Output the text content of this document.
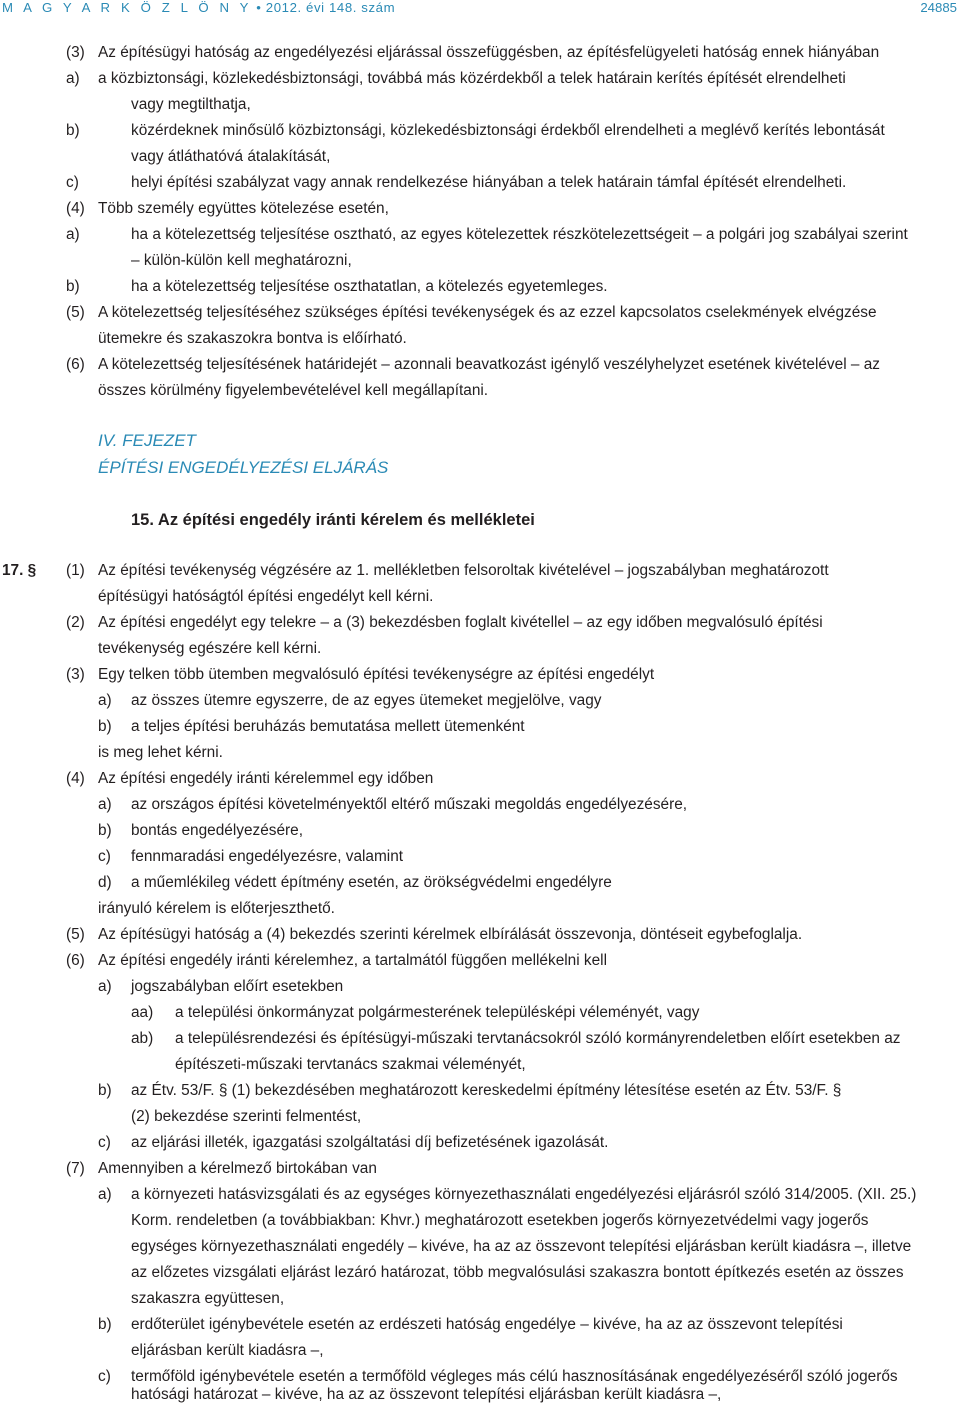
M A G Y A R K Ö Z L Ö N Y • 2012. évi 148. szám	24885
(3) Az építésügyi hatóság az engedélyezési eljárással összefüggésben, az építésfelügyeleti hatóság ennek hiányában
a) a közbiztonsági, közlekedésbiztonsági, továbbá más közérdekből a telek határain kerítés építését elrendelheti
vagy megtilthatja,
b)	közérdeknek minősülő közbiztonsági, közlekedésbiztonsági érdekből elrendelheti a meglévő kerítés lebontását
vagy átláthatóvá átalakítását,
c)	helyi építési szabályzat vagy annak rendelkezése hiányában a telek határain támfal építését elrendelheti.
(4) Több személy együttes kötelezése esetén,
a)	ha a kötelezettség teljesítése osztható, az egyes kötelezettek részkötelezettségeit – a polgári jog szabályai szerint
– külön-külön kell meghatározni,
b)	ha a kötelezettség teljesítése oszthatatlan, a kötelezés egyetemleges.
(5) A kötelezettség teljesítéséhez szükséges építési tevékenységek és az ezzel kapcsolatos cselekmények elvégzése
ütemekre és szakaszokra bontva is előírható.
(6) A kötelezettség teljesítésének határidejét – azonnali beavatkozást igénylő veszélyhelyzet esetének kivételével – az
összes körülmény figyelembevételével kell megállapítani.
IV. FEJEZET
ÉPÍTÉSI ENGEDÉLYEZÉSI ELJÁRÁS
15. Az építési engedély iránti kérelem és mellékletei
17. § (1) Az építési tevékenység végzésére az 1. mellékletben felsoroltak kivételével – jogszabályban meghatározott
építésügyi hatóságtól építési engedélyt kell kérni.
(2) Az építési engedélyt egy telekre – a (3) bekezdésben foglalt kivétellel – az egy időben megvalósuló építési
tevékenység egészére kell kérni.
(3) Egy telken több ütemben megvalósuló építési tevékenységre az építési engedélyt
a) az összes ütemre egyszerre, de az egyes ütemeket megjelölve, vagy
b) a teljes építési beruházás bemutatása mellett ütemenként
is meg lehet kérni.
(4) Az építési engedély iránti kérelemmel egy időben
a) az országos építési követelményektől eltérő műszaki megoldás engedélyezésére,
b) bontás engedélyezésére,
c) fennmaradási engedélyezésre, valamint
d) a műemlékileg védett építmény esetén, az örökségvédelmi engedélyre
irányuló kérelem is előterjeszthető.
(5) Az építésügyi hatóság a (4) bekezdés szerinti kérelmek elbírálását összevonja, döntéseit egybefoglalja.
(6) Az építési engedély iránti kérelemhez, a tartalmától függően mellékelni kell
a) jogszabályban előírt esetekben
aa) a települési önkormányzat polgármesterének településképi véleményét, vagy
ab) a településrendezési és építésügyi-műszaki tervtanácsokról szóló kormányrendeletben előírt esetekben az
építészeti-műszaki tervtanács szakmai véleményét,
b) az Étv. 53/F. § (1) bekezdésében meghatározott kereskedelmi építmény létesítése esetén az Étv. 53/F. §
(2) bekezdése szerinti felmentést,
c) az eljárási illeték, igazgatási szolgáltatási díj befizetésének igazolását.
(7) Amennyiben a kérelmező birtokában van
a) a környezeti hatásvizsgálati és az egységes környezethasználati engedélyezési eljárásról szóló 314/2005. (XII. 25.)
Korm. rendeletben (a továbbiakban: Khvr.) meghatározott esetekben jogerős környezetvédelmi vagy jogerős
egységes környezethasználati engedély – kivéve, ha az az összevont telepítési eljárásban került kiadásra –, illetve
az előzetes vizsgálati eljárást lezáró határozat, több megvalósulási szakaszra bontott építkezés esetén az összes
szakaszra együttesen,
b) erdőterület igénybevétele esetén az erdészeti hatóság engedélye – kivéve, ha az az összevont telepítési
eljárásban került kiadásra –,
c) termőföld igénybevétele esetén a termőföld végleges más célú hasznosításának engedélyezéséről szóló jogerős
hatósági határozat – kivéve, ha az az összevont telepítési eljárásban került kiadásra –,
